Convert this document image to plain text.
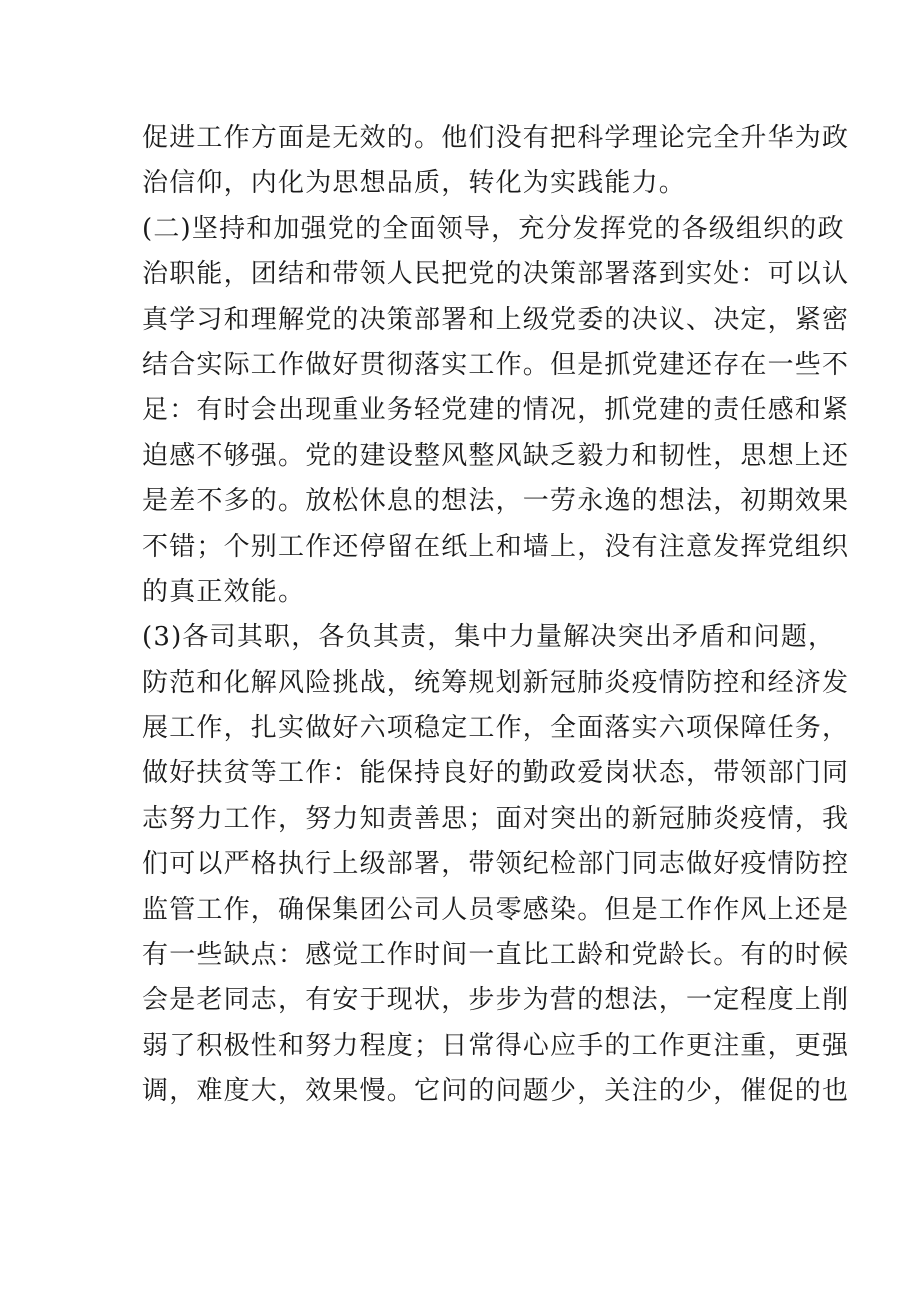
促进工作方面是无效的。他们没有把科学理论完全升华为政
治信仰，内化为思想品质，转化为实践能力。
(二)坚持和加强党的全面领导，充分发挥党的各级组织的政
治职能，团结和带领人民把党的决策部署落到实处：可以认
真学习和理解党的决策部署和上级党委的决议、决定，紧密
结合实际工作做好贯彻落实工作。但是抓党建还存在一些不
足：有时会出现重业务轻党建的情况，抓党建的责任感和紧
迫感不够强。党的建设整风整风缺乏毅力和韧性，思想上还
是差不多的。放松休息的想法，一劳永逸的想法，初期效果
不错；个别工作还停留在纸上和墙上，没有注意发挥党组织
的真正效能。
(3)各司其职，各负其责，集中力量解决突出矛盾和问题，
防范和化解风险挑战，统筹规划新冠肺炎疫情防控和经济发
展工作，扎实做好六项稳定工作，全面落实六项保障任务，
做好扶贫等工作：能保持良好的勤政爱岗状态，带领部门同
志努力工作，努力知责善思；面对突出的新冠肺炎疫情，我
们可以严格执行上级部署，带领纪检部门同志做好疫情防控
监管工作，确保集团公司人员零感染。但是工作作风上还是
有一些缺点：感觉工作时间一直比工龄和党龄长。有的时候
会是老同志，有安于现状，步步为营的想法，一定程度上削
弱了积极性和努力程度；日常得心应手的工作更注重，更强
调，难度大，效果慢。它问的问题少，关注的少，催促的也
